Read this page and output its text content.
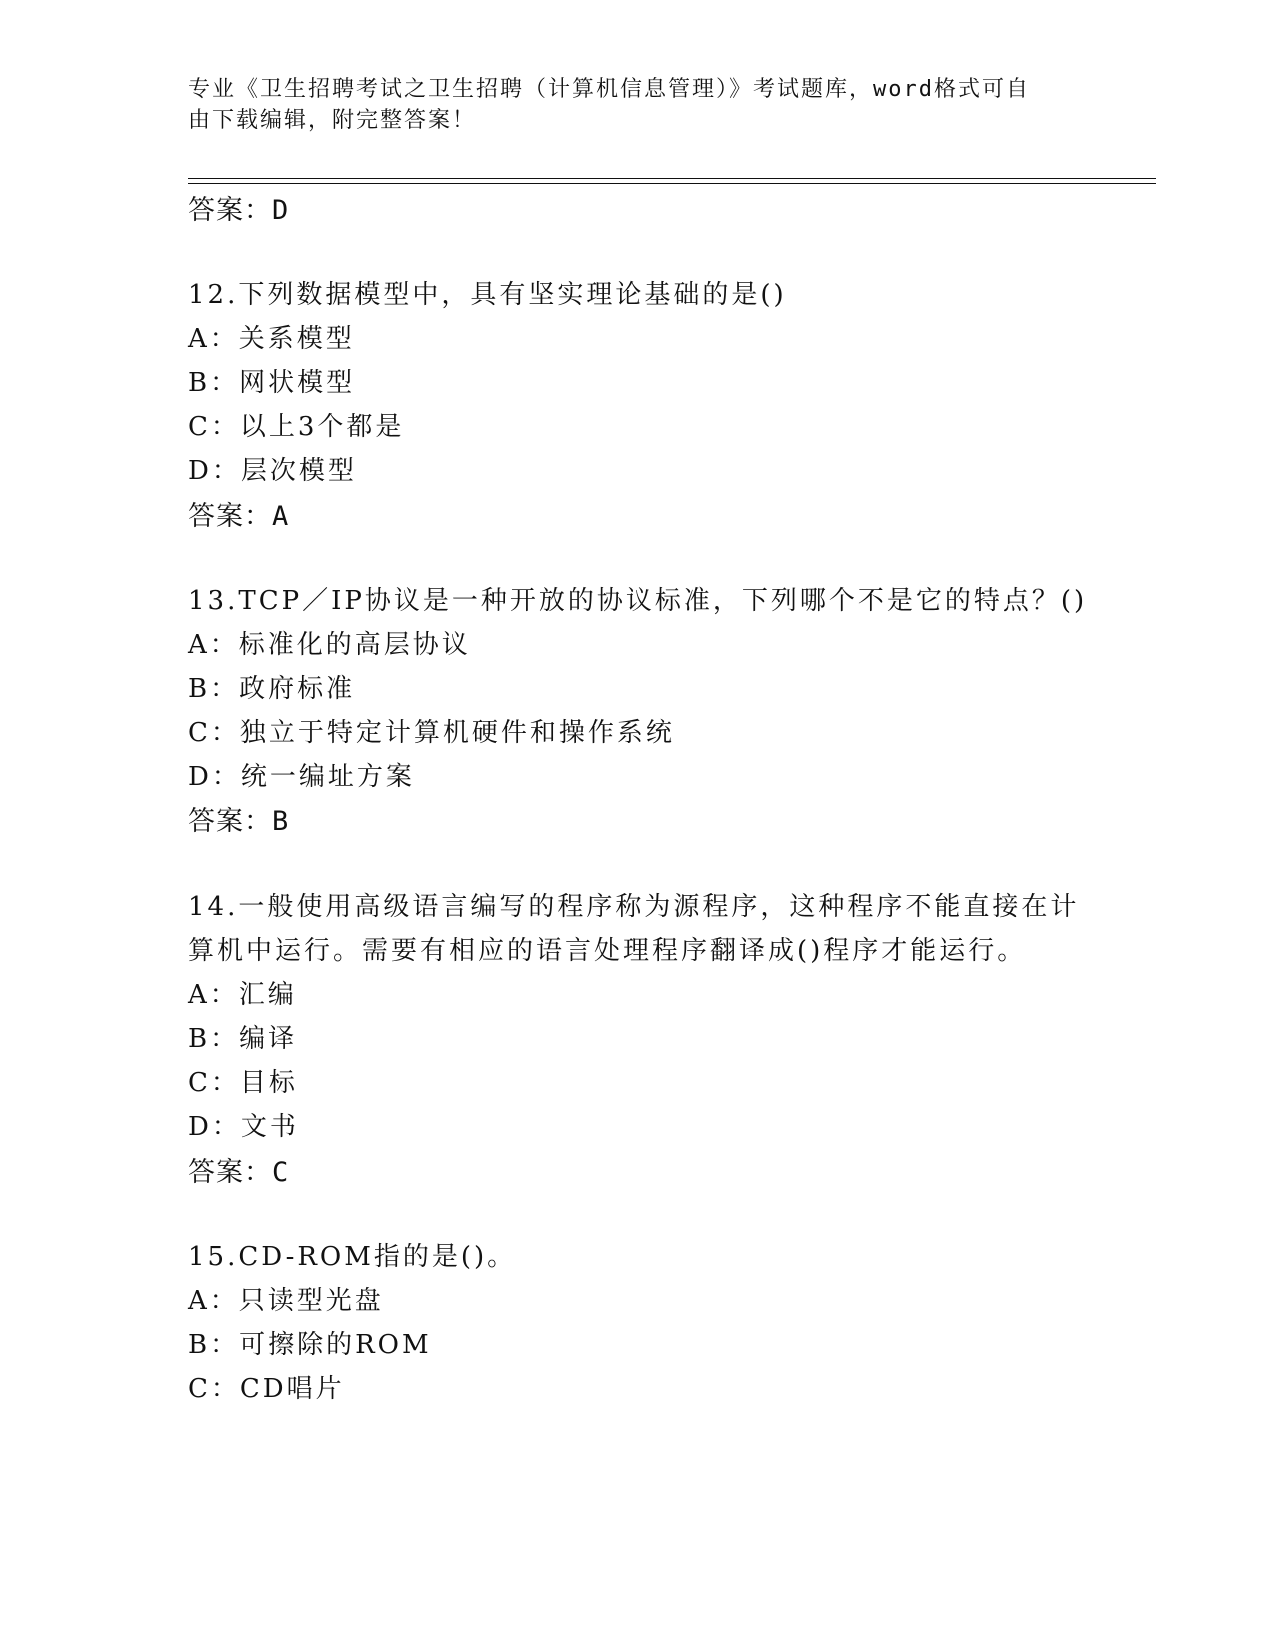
专业《卫生招聘考试之卫生招聘（计算机信息管理）》考试题库，word格式可自
由下载编辑，附完整答案！
答案：D
12.下列数据模型中，具有坚实理论基础的是()
A：关系模型
B：网状模型
C：以上3个都是
D：层次模型
答案：A
13.TCP／IP协议是一种开放的协议标准，下列哪个不是它的特点？()
A：标准化的高层协议
B：政府标准
C：独立于特定计算机硬件和操作系统
D：统一编址方案
答案：B
14.一般使用高级语言编写的程序称为源程序，这种程序不能直接在计
算机中运行。需要有相应的语言处理程序翻译成()程序才能运行。
A：汇编
B：编译
C：目标
D：文书
答案：C
15.CD-ROM指的是()。
A：只读型光盘
B：可擦除的ROM
C：CD唱片
